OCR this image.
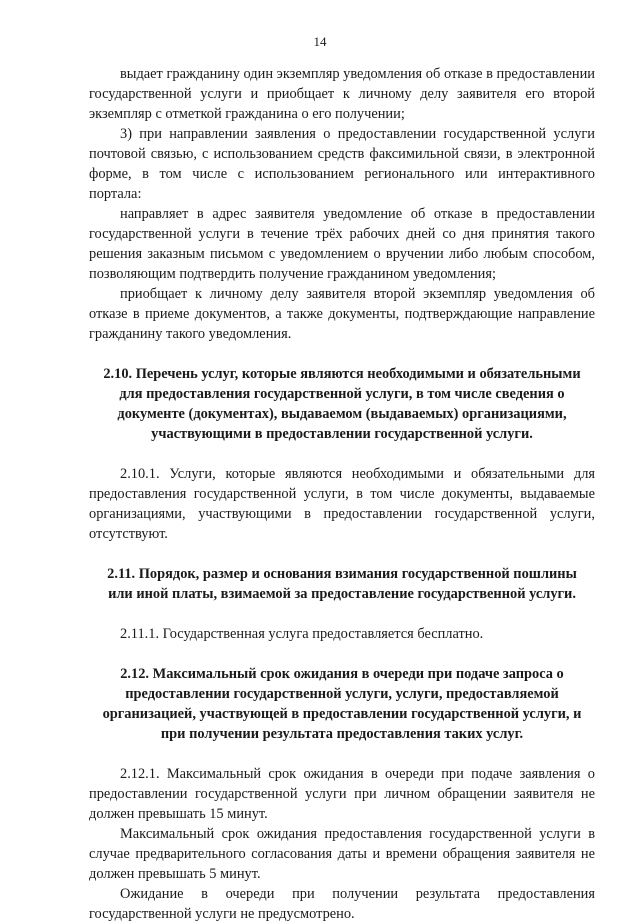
14

выдает гражданину один экземпляр уведомления об отказе в предоставлении государственной услуги и приобщает к личному делу заявителя его второй экземпляр с отметкой гражданина о его получении;

3) при направлении заявления о предоставлении государственной услуги почтовой связью, с использованием средств факсимильной связи, в электронной форме, в том числе с использованием регионального или интерактивного портала:

направляет в адрес заявителя уведомление об отказе в предоставлении государственной услуги в течение трёх рабочих дней со дня принятия такого решения заказным письмом с уведомлением о вручении либо любым способом, позволяющим подтвердить получение гражданином уведомления;

приобщает к личному делу заявителя второй экземпляр уведомления об отказе в приеме документов, а также документы, подтверждающие направление гражданину такого уведомления.

2.10. Перечень услуг, которые являются необходимыми и обязательными для предоставления государственной услуги, в том числе сведения о документе (документах), выдаваемом (выдаваемых) организациями, участвующими в предоставлении государственной услуги.

2.10.1. Услуги, которые являются необходимыми и обязательными для предоставления государственной услуги, в том числе документы, выдаваемые организациями, участвующими в предоставлении государственной услуги, отсутствуют.

2.11. Порядок, размер и основания взимания государственной пошлины или иной платы, взимаемой за предоставление государственной услуги.

2.11.1. Государственная услуга предоставляется бесплатно.

2.12. Максимальный срок ожидания в очереди при подаче запроса о предоставлении государственной услуги, услуги, предоставляемой организацией, участвующей в предоставлении государственной услуги, и при получении результата предоставления таких услуг.

2.12.1. Максимальный срок ожидания в очереди при подаче заявления о предоставлении государственной услуги при личном обращении заявителя не должен превышать 15 минут.

Максимальный срок ожидания предоставления государственной услуги в случае предварительного согласования даты и времени обращения заявителя не должен превышать 5 минут.

Ожидание в очереди при получении результата предоставления государственной услуги не предусмотрено.
